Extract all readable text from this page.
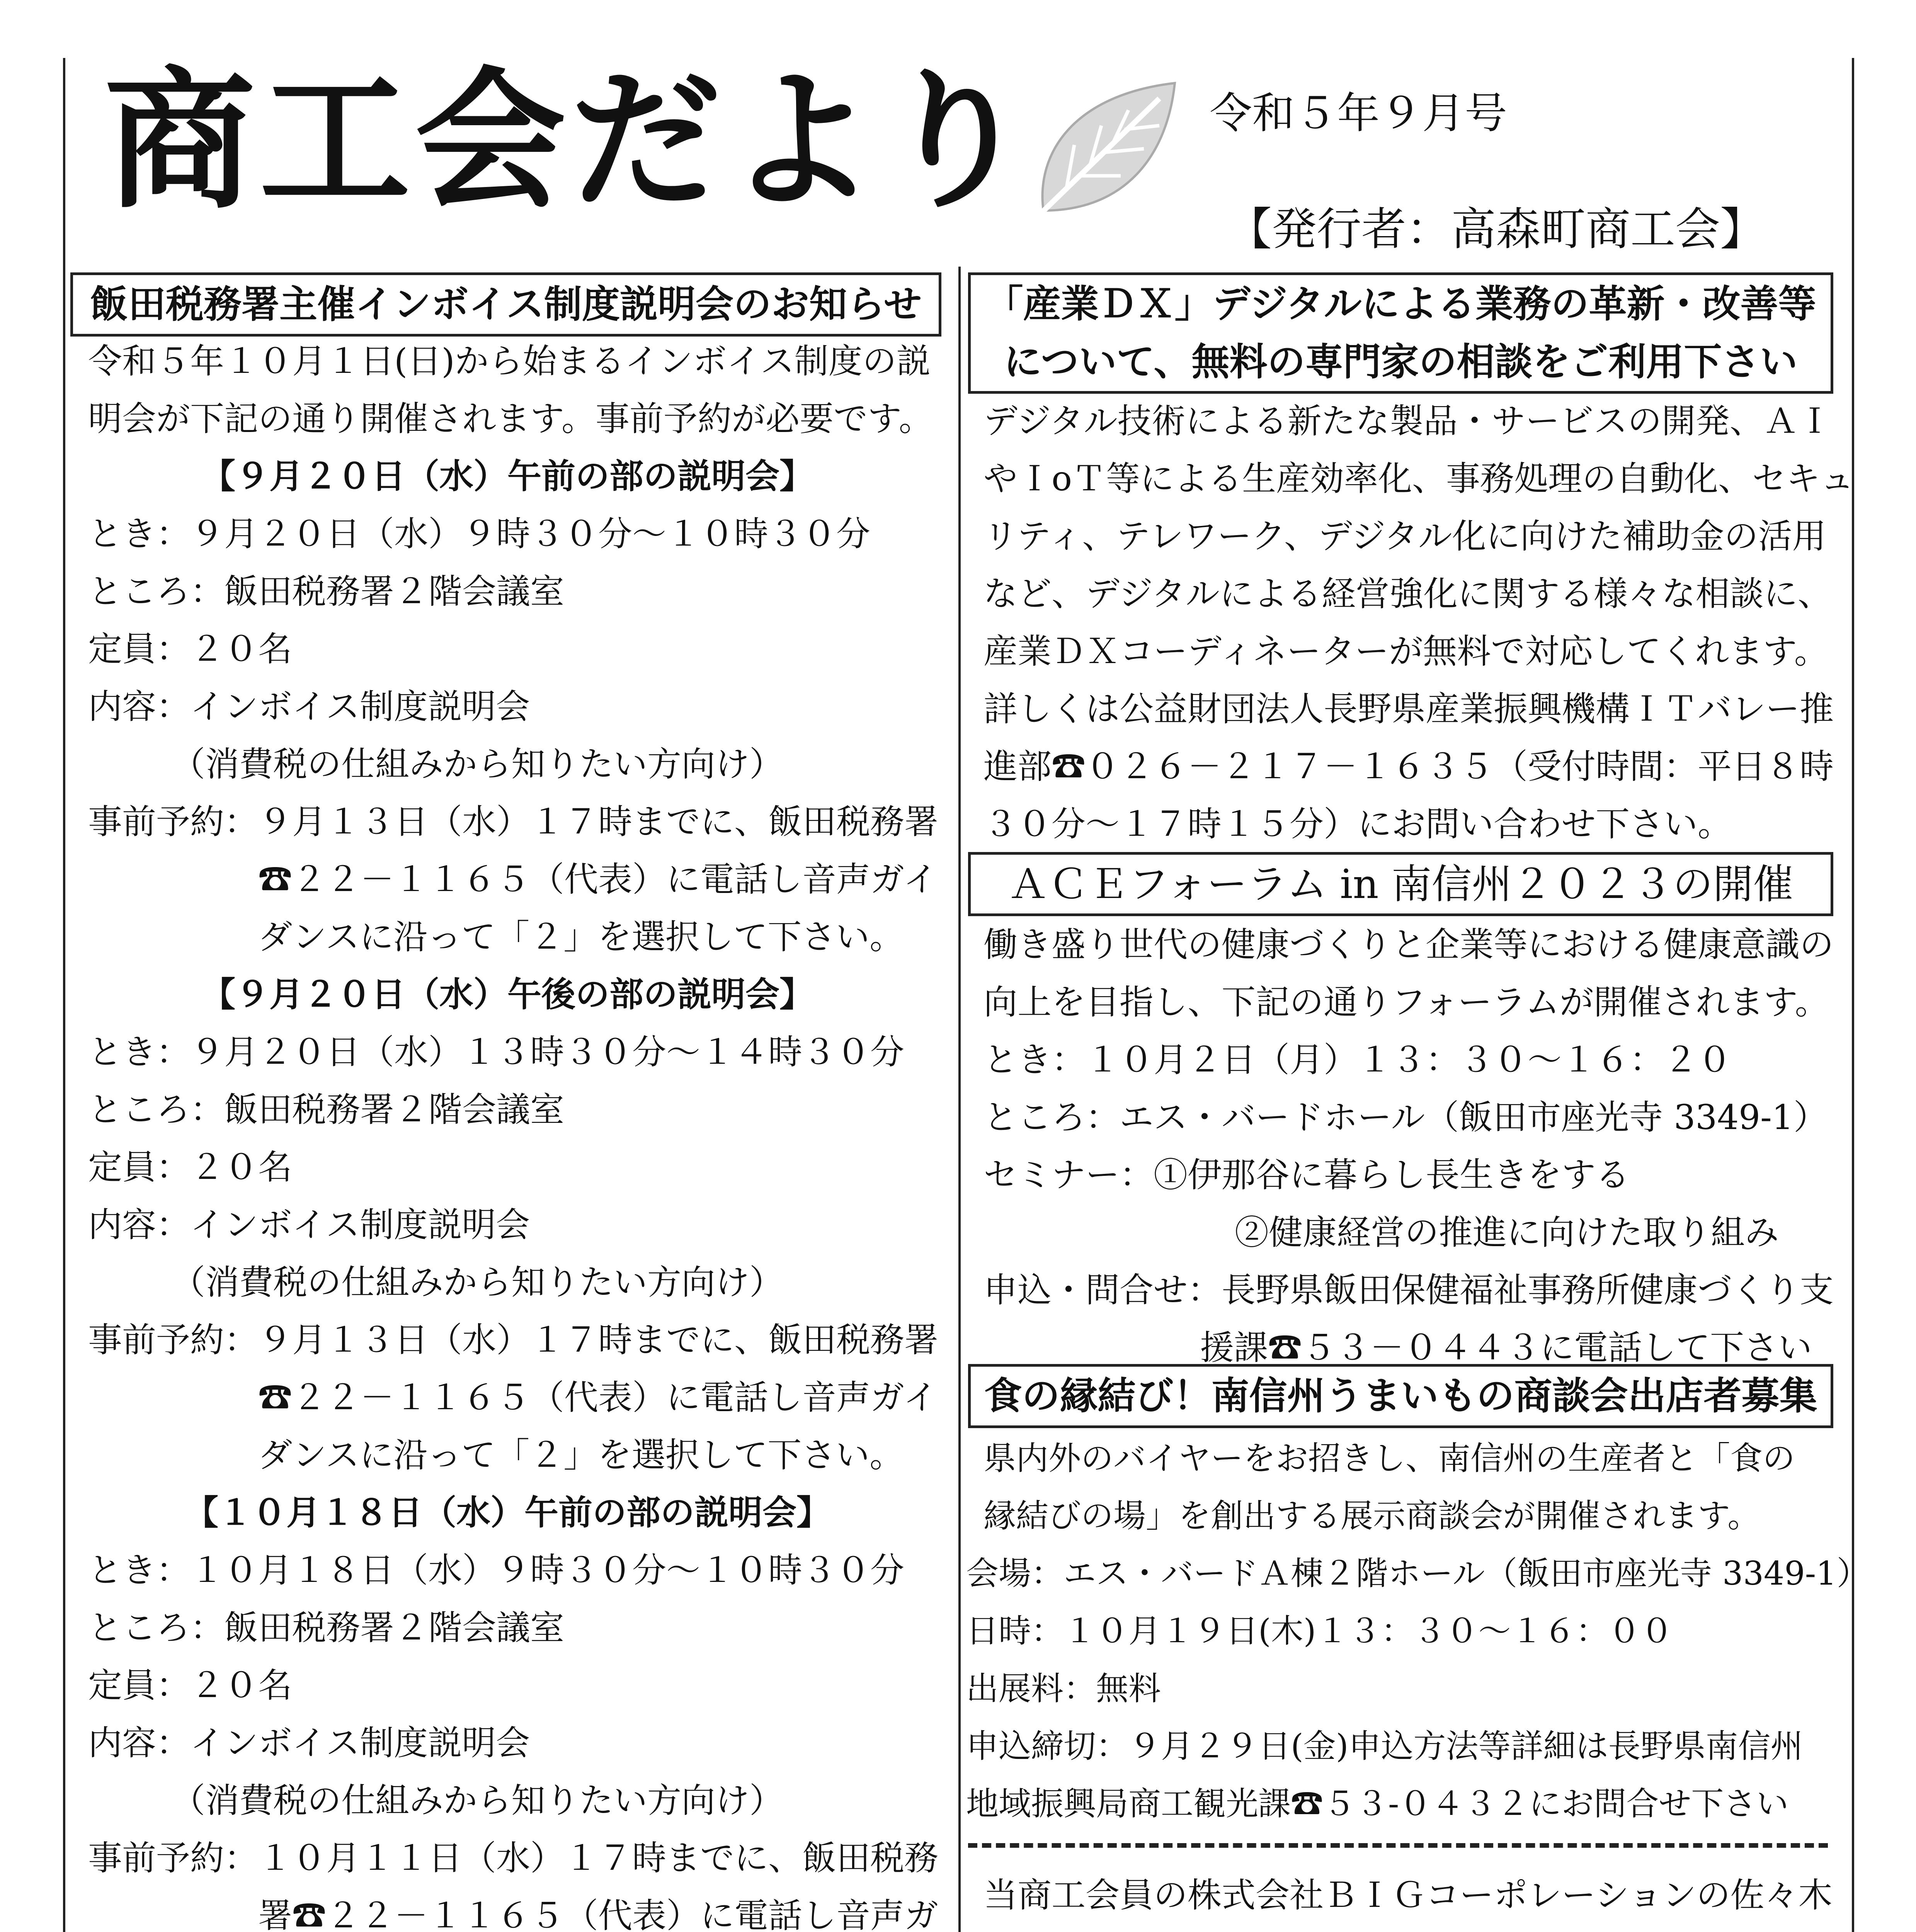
商工会だより	令和５年９月号
【発行者：高森町商工会】
飯田税務署主催インボイス制度説明会のお知らせ
令和５年１０月１日(日)から始まるインボイス制度の説
明会が下記の通り開催されます。事前予約が必要です。
【９月２０日（水）午前の部の説明会】
とき：９月２０日（水）９時３０分～１０時３０分
ところ：飯田税務署２階会議室
定員：２０名
内容：インボイス制度説明会
（消費税の仕組みから知りたい方向け）
事前予約：９月１３日（水）１７時までに、飯田税務署
☎２２－１１６５（代表）に電話し音声ガイ
ダンスに沿って「２」を選択して下さい。
【９月２０日（水）午後の部の説明会】
とき：９月２０日（水）１３時３０分～１４時３０分
ところ：飯田税務署２階会議室
定員：２０名
内容：インボイス制度説明会
（消費税の仕組みから知りたい方向け）
事前予約：９月１３日（水）１７時までに、飯田税務署
☎２２－１１６５（代表）に電話し音声ガイ
ダンスに沿って「２」を選択して下さい。
【１０月１８日（水）午前の部の説明会】
とき：１０月１８日（水）９時３０分～１０時３０分
ところ：飯田税務署２階会議室
定員：２０名
内容：インボイス制度説明会
（消費税の仕組みから知りたい方向け）
事前予約：１０月１１日（水）１７時までに、飯田税務
署☎２２－１１６５（代表）に電話し音声ガ
「産業ＤＸ」デジタルによる業務の革新・改善等
について、無料の専門家の相談をご利用下さい
デジタル技術による新たな製品・サービスの開発、ＡＩ
やＩoＴ等による生産効率化、事務処理の自動化、セキュ
リティ、テレワーク、デジタル化に向けた補助金の活用
など、デジタルによる経営強化に関する様々な相談に、
産業ＤＸコーディネーターが無料で対応してくれます。
詳しくは公益財団法人長野県産業振興機構ＩＴバレー推
進部☎０２６－２１７－１６３５（受付時間：平日８時
３０分～１７時１５分）にお問い合わせ下さい。
ＡＣＥフォーラム in 南信州２０２３の開催
働き盛り世代の健康づくりと企業等における健康意識の
向上を目指し、下記の通りフォーラムが開催されます。
とき：１０月２日（月）１３：３０～１６：２０
ところ：エス・バードホール（飯田市座光寺 3349-1）
セミナー：①伊那谷に暮らし長生きをする
②健康経営の推進に向けた取り組み
申込・問合せ：長野県飯田保健福祉事務所健康づくり支
援課☎５３－０４４３に電話して下さい
食の縁結び！南信州うまいもの商談会出店者募集
県内外のバイヤーをお招きし、南信州の生産者と「食の
縁結びの場」を創出する展示商談会が開催されます。
会場：エス・バードＡ棟２階ホール（飯田市座光寺 3349-1）
日時：１０月１９日(木)１３：３０～１６：００
出展料：無料
申込締切：９月２９日(金)申込方法等詳細は長野県南信州
地域振興局商工観光課☎５３-０４３２にお問合せ下さい
当商工会員の株式会社ＢＩＧコーポレーションの佐々木
